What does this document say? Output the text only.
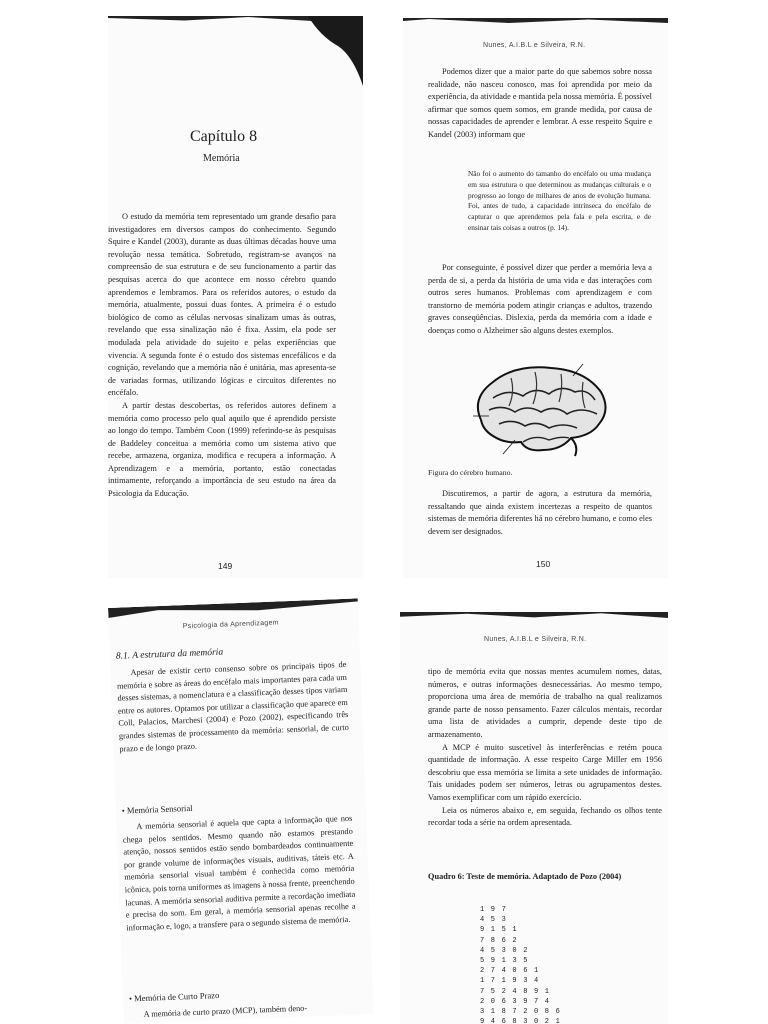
Capítulo 8
Memória

O estudo da memória tem representado um grande desafio para investigadores em diversos campos do conhecimento. Segundo Squire e Kandel (2003), durante as duas últimas décadas houve uma revolução nessa temática. Sobretudo, registram-se avanços na compreensão de sua estrutura e de seu funcionamento a partir das pesquisas acerca do que acontece em nosso cérebro quando aprendemos e lembramos. Para os referidos autores, o estudo da memória, atualmente, possui duas fontes. A primeira é o estudo biológico de como as células nervosas sinalizam umas às outras, revelando que essa sinalização não é fixa. Assim, ela pode ser modulada pela atividade do sujeito e pelas experiências que vivencia. A segunda fonte é o estudo dos sistemas encefálicos e da cognição, revelando que a memória não é unitária, mas apresenta-se de variadas formas, utilizando lógicas e circuitos diferentes no encéfalo.

A partir destas descobertas, os referidos autores definem a memória como processo pelo qual aquilo que é aprendido persiste ao longo do tempo. Também Coon (1999) referindo-se às pesquisas de Baddeley conceitua a memória como um sistema ativo que recebe, armazena, organiza, modifica e recupera a informação. A Aprendizagem e a memória, portanto, estão conectadas intimamente, reforçando a importância de seu estudo na área da Psicologia da Educação.

149
Nunes, A.I.B.L e Silveira, R.N.

Podemos dizer que a maior parte do que sabemos sobre nossa realidade, não nasceu conosco, mas foi aprendida por meio da experiência, da atividade e mantida pela nossa memória. É possível afirmar que somos quem somos, em grande medida, por causa de nossas capacidades de aprender e lembrar. A esse respeito Squire e Kandel (2003) informam que

Não foi o aumento do tamanho do encéfalo ou uma mudança em sua estrutura o que determinou as mudanças culturais e o progresso ao longo de milhares de anos de evolução humana. Foi, antes de tudo, a capacidade intrínseca do encéfalo de capturar o que aprendemos pela fala e pela escrita, e de ensinar tais coisas a outros (p. 14).

Por conseguinte, é possível dizer que perder a memória leva a perda de si, a perda da história de uma vida e das interações com outros seres humanos. Problemas com aprendizagem e com transtorno de memória podem atingir crianças e adultos, trazendo graves conseqüências. Dislexia, perda da memória com a idade e doenças como o Alzheimer são alguns destes exemplos.

Figura do cérebro humano.

Discutiremos, a partir de agora, a estrutura da memória, ressaltando que ainda existem incertezas a respeito de quantos sistemas de memória diferentes há no cérebro humano, e como eles devem ser designados.

150
Psicologia da Aprendizagem
8.1. A estrutura da memória

Apesar de existir certo consenso sobre os principais tipos de memória e sobre as áreas do encéfalo mais importantes para cada um desses sistemas, a nomenclatura e a classificação desses tipos variam entre os autores. Optamos por utilizar a classificação que aparece em Coll, Palacios, Marchesi (2004) e Pozo (2002), especificando três grandes sistemas de processamento da memória: sensorial, de curto prazo e de longo prazo.

• Memória Sensorial

A memória sensorial é aquela que capta a informação que nos chega pelos sentidos. Mesmo quando não estamos prestando atenção, nossos sentidos estão sendo bombardeados continuamente por grande volume de informações visuais, auditivas, táteis etc. A memória sensorial visual também é conhecida como memória icônica, pois torna uniformes as imagens à nossa frente, preenchendo lacunas. A memória sensorial auditiva permite a recordação imediata e precisa do som. Em geral, a memória sensorial apenas recolhe a informação e, logo, a transfere para o segundo sistema de memória.

• Memória de Curto Prazo

A memória de curto prazo (MCP), também deno-

Nunes, A.I.B.L e Silveira, R.N.

tipo de memória evita que nossas mentes acumulem nomes, datas, números, e outras informações desnecessárias. Ao mesmo tempo, proporciona uma área de memória de trabalho na qual realizamos grande parte de nosso pensamento. Fazer cálculos mentais, recordar uma lista de atividades a cumprir, depende deste tipo de armazenamento.

A MCP é muito suscetível às interferências e retém pouca quantidade de informação. A esse respeito Carge Miller em 1956 descobriu que essa memória se limita a sete unidades de informação. Tais unidades podem ser números, letras ou agrupamentos destes. Vamos exemplificar com um rápido exercício.

Leia os números abaixo e, em seguida, fechando os olhos tente recordar toda a série na ordem apresentada.

Quadro 6: Teste de memória. Adaptado de Pozo (2004)
1 9 7
4 5 3
9 1 5 1
7 8 6 2
4 5 3 0 2
5 9 1 3 5
2 7 4 0 6 1
1 7 1 9 3 4
7 5 2 4 8 9 1
2 0 6 3 9 7 4
3 1 8 7 2 0 8 6
9 4 6 8 3 0 2 1
